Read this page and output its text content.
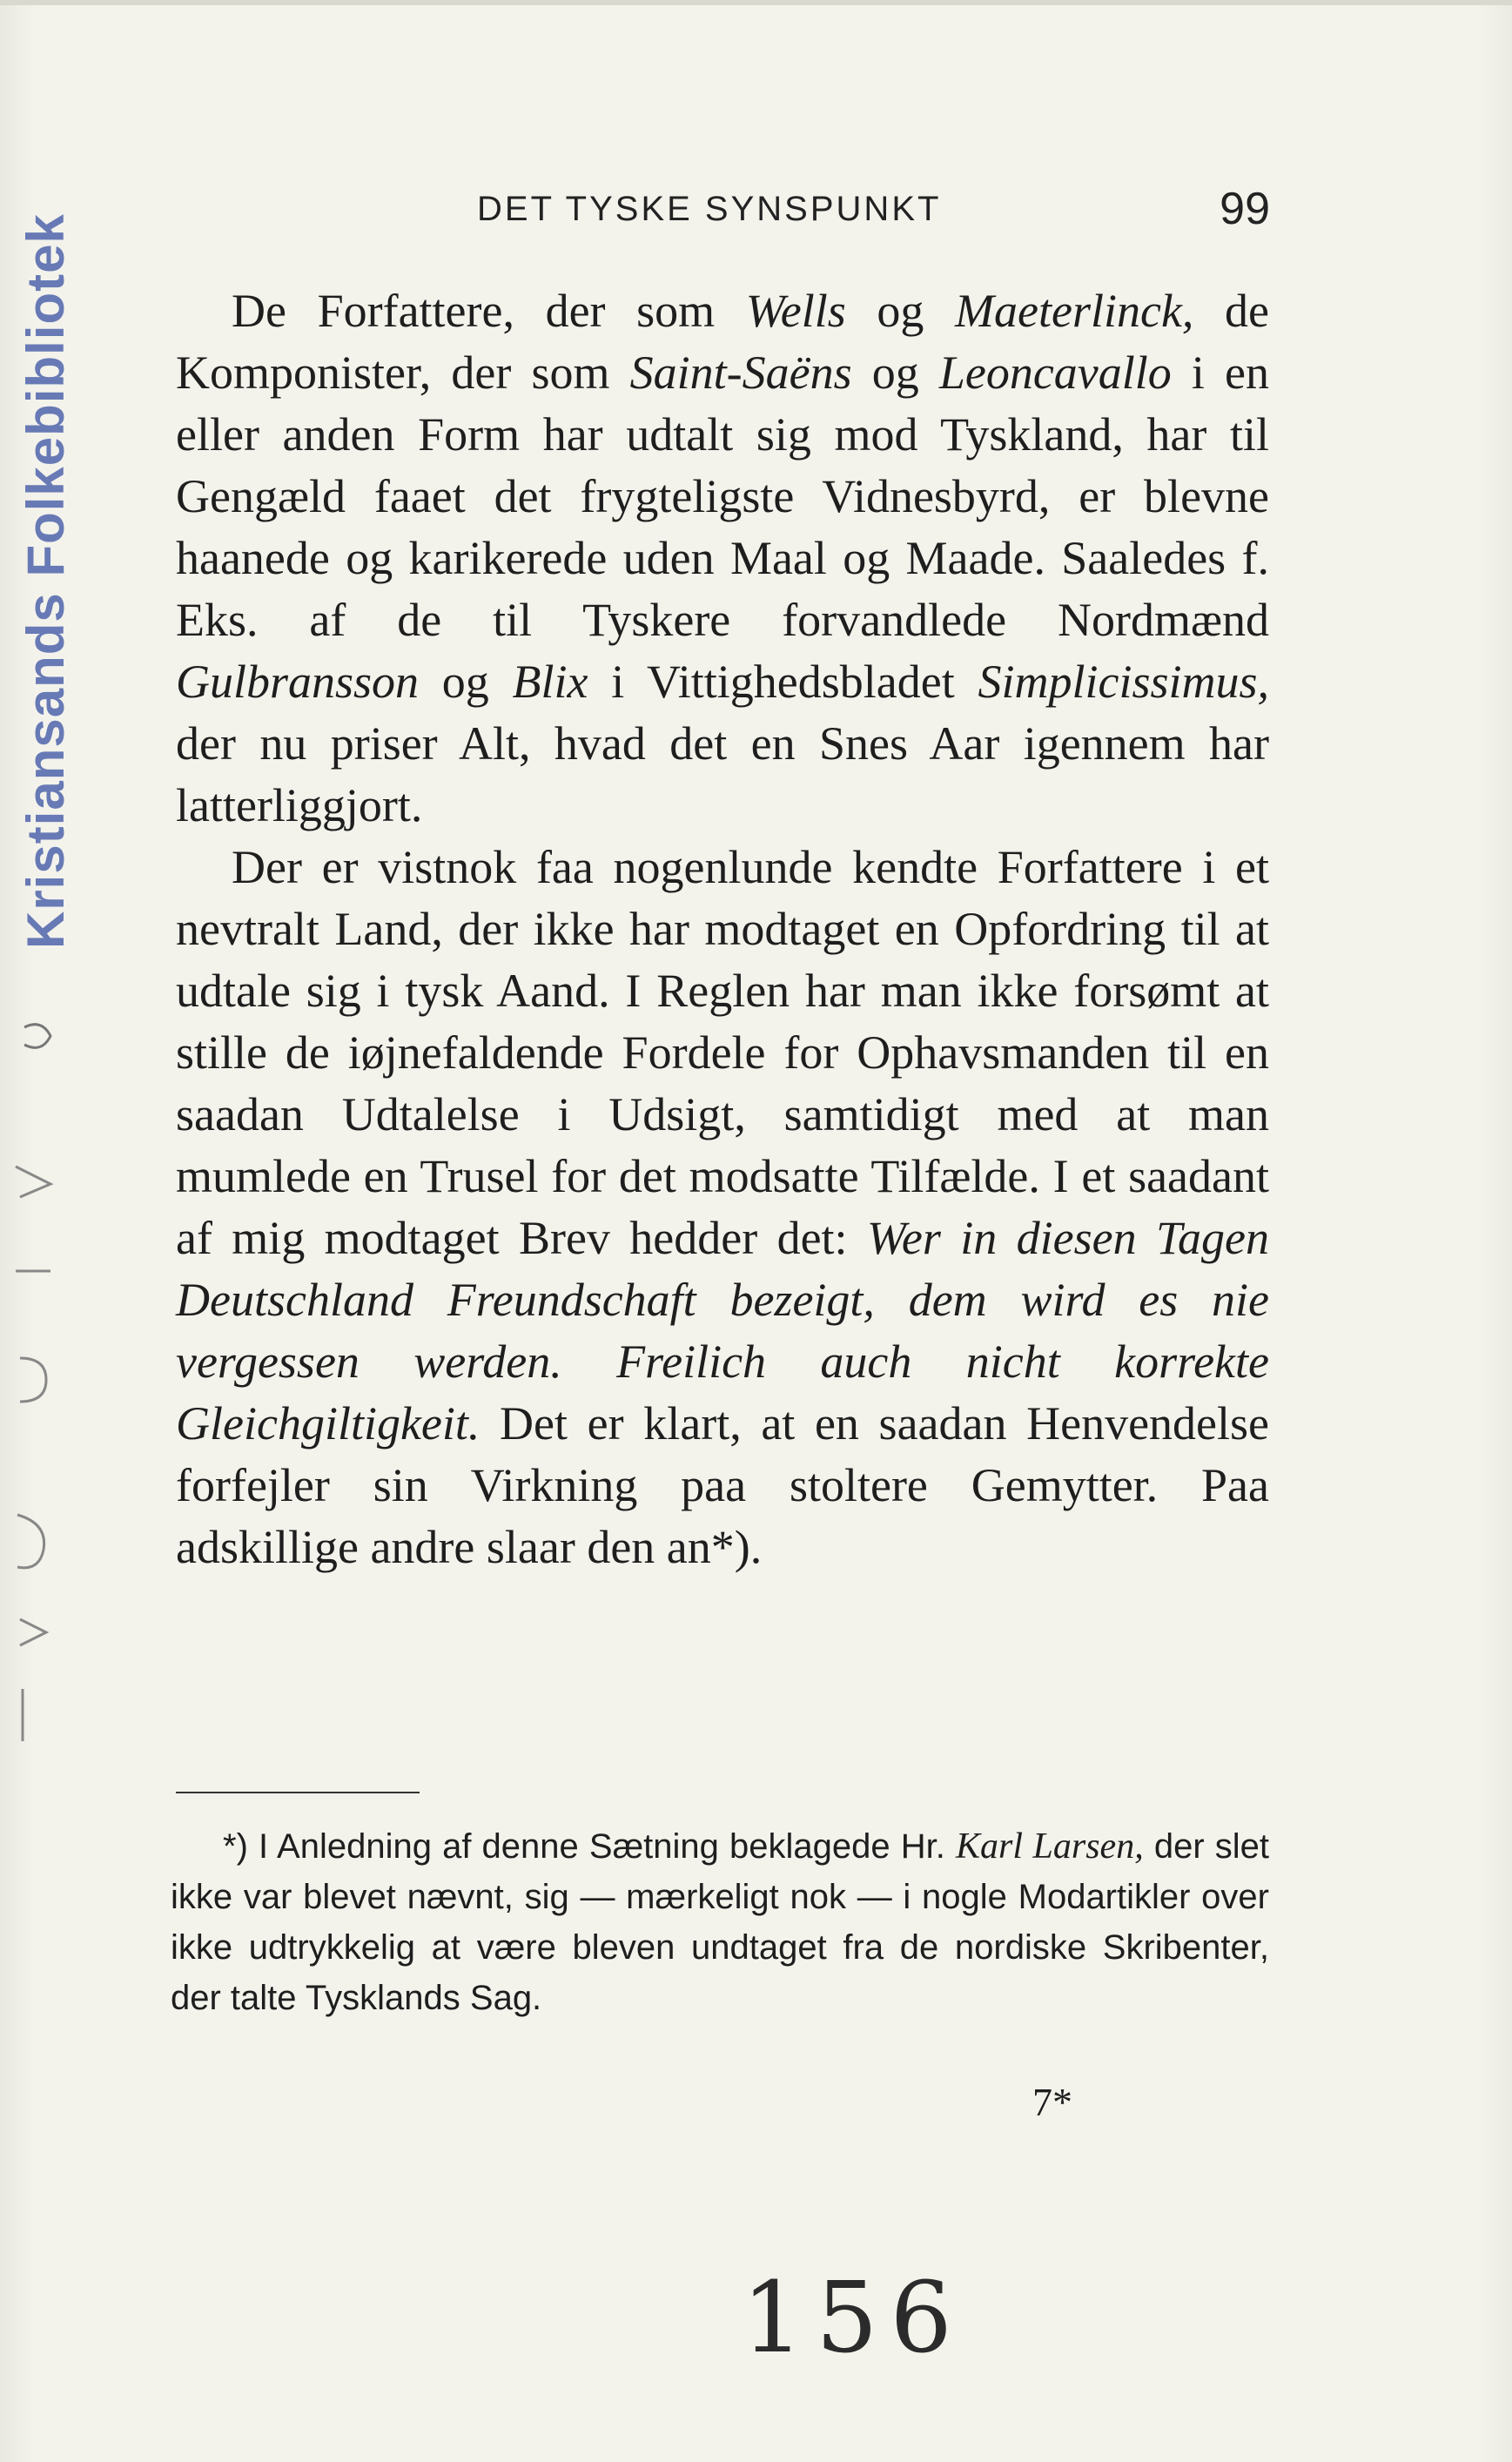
Kristiansands Folkebibliotek
DET TYSKE SYNSPUNKT	99

De Forfattere, der som Wells og Maeterlinck, de Komponister, der som Saint-Saëns og Leoncavallo i en eller anden Form har udtalt sig mod Tyskland, har til Gengæld faaet det frygteligste Vidnesbyrd, er blevne haanede og karikerede uden Maal og Maade. Saaledes f. Eks. af de til Tyskere forvandlede Nordmænd Gulbransson og Blix i Vittighedsbladet Simplicissimus, der nu priser Alt, hvad det en Snes Aar igennem har latterliggjort.

Der er vistnok faa nogenlunde kendte Forfattere i et nevtralt Land, der ikke har modtaget en Opfordring til at udtale sig i tysk Aand. I Reglen har man ikke forsømt at stille de iøjnefaldende Fordele for Ophavsmanden til en saadan Udtalelse i Udsigt, samtidigt med at man mumlede en Trusel for det modsatte Tilfælde. I et saadant af mig modtaget Brev hedder det: Wer in diesen Tagen Deutschland Freundschaft bezeigt, dem wird es nie vergessen werden. Freilich auch nicht korrekte Gleichgiltigkeit. Det er klart, at en saadan Henvendelse forfejler sin Virkning paa stoltere Gemytter. Paa adskillige andre slaar den an*).

*) I Anledning af denne Sætning beklagede Hr. Karl Larsen, der slet ikke var blevet nævnt, sig — mærkeligt nok — i nogle Modartikler over ikke udtrykkelig at være bleven undtaget fra de nordiske Skribenter, der talte Tysklands Sag.
7*
156
